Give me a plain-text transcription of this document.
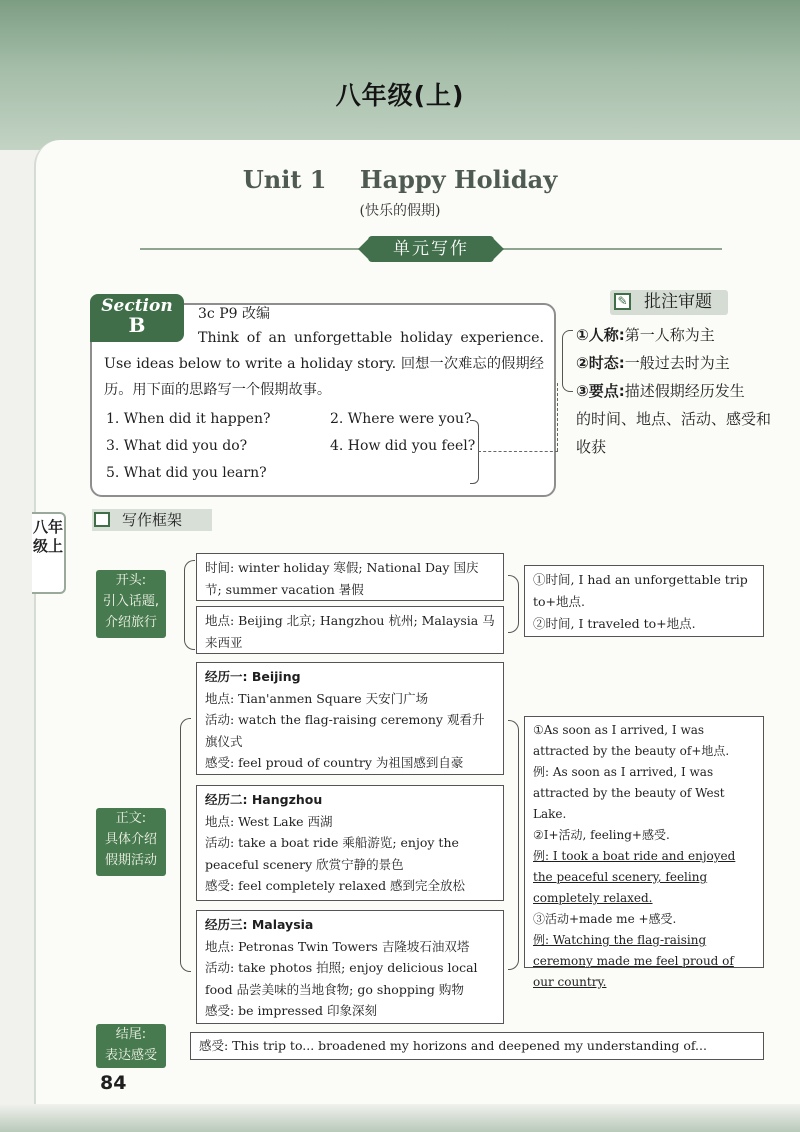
八年级(上)
八年级上
Unit 1    Happy Holiday
(快乐的假期)
单元写作
Section
B	3c P9 改编
Think of an unforgettable holiday experience. Use ideas below to write a holiday story. 回想一次难忘的假期经历。用下面的思路写一个假期故事。
1. When did it happen?	2. Where were you?
3. What did you do?	4. How did you feel?
5. What did you learn?
批注审题
✎
①人称:第一人称为主
②时态:一般过去时为主
③要点:描述假期经历发生
的时间、地点、活动、感受和
收获
写作框架
开头:
引入话题,
介绍旅行
时间: winter holiday 寒假; National Day 国庆节; summer vacation 暑假
地点: Beijing 北京; Hangzhou 杭州; Malaysia 马来西亚
①时间, I had an unforgettable trip to+地点.
②时间, I traveled to+地点.
正文:
具体介绍
假期活动
经历一: Beijing
地点: Tian'anmen Square 天安门广场
活动: watch the flag-raising ceremony 观看升旗仪式
感受: feel proud of country 为祖国感到自豪
经历二: Hangzhou
地点: West Lake 西湖
活动: take a boat ride 乘船游览; enjoy the peaceful scenery 欣赏宁静的景色
感受: feel completely relaxed 感到完全放松
经历三: Malaysia
地点: Petronas Twin Towers 吉隆坡石油双塔
活动: take photos 拍照; enjoy delicious local food 品尝美味的当地食物; go shopping 购物
感受: be impressed 印象深刻
①As soon as I arrived, I was attracted by the beauty of+地点.
例: As soon as I arrived, I was attracted by the beauty of West Lake.
②I+活动, feeling+感受.
例: I took a boat ride and enjoyed the peaceful scenery, feeling completely relaxed.
③活动+made me +感受.
例: Watching the flag-raising ceremony made me feel proud of our country.
结尾:
表达感受
感受: This trip to... broadened my horizons and deepened my understanding of...
84
